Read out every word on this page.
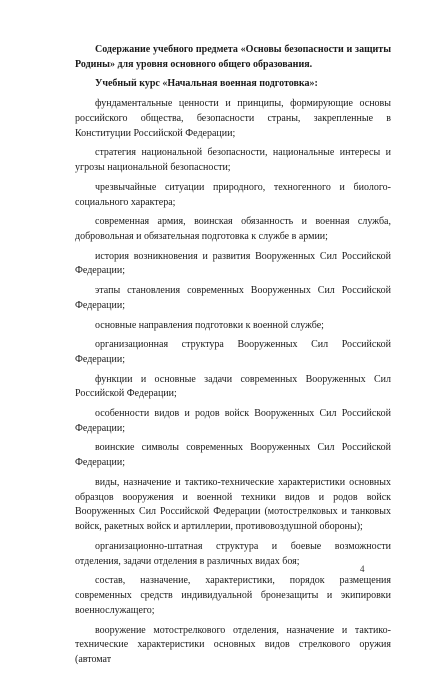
Содержание учебного предмета «Основы безопасности и защиты Родины» для уровня основного общего образования.

Учебный курс «Начальная военная подготовка»:

фундаментальные ценности и принципы, формирующие основы российского общества, безопасности страны, закрепленные в Конституции Российской Федерации;

стратегия национальной безопасности, национальные интересы и угрозы национальной безопасности;

чрезвычайные ситуации природного, техногенного и биолого-социального характера;

современная армия, воинская обязанность и военная служба, добровольная и обязательная подготовка к службе в армии;

история возникновения и развития Вооруженных Сил Российской Федерации;

этапы становления современных Вооруженных Сил Российской Федерации;

основные направления подготовки к военной службе;

организационная структура Вооруженных Сил Российской Федерации;

функции и основные задачи современных Вооруженных Сил Российской Федерации;

особенности видов и родов войск Вооруженных Сил Российской Федерации;

воинские символы современных Вооруженных Сил Российской Федерации;

виды, назначение и тактико-технические характеристики основных образцов вооружения и военной техники видов и родов войск Вооруженных Сил Российской Федерации (мотострелковых и танковых войск, ракетных войск и артиллерии, противовоздушной обороны);

организационно-штатная структура и боевые возможности отделения, задачи отделения в различных видах боя;

состав, назначение, характеристики, порядок размещения современных средств индивидуальной бронезащиты и экипировки военнослужащего;

вооружение мотострелкового отделения, назначение и тактико-технические характеристики основных видов стрелкового оружия (автомат

4
